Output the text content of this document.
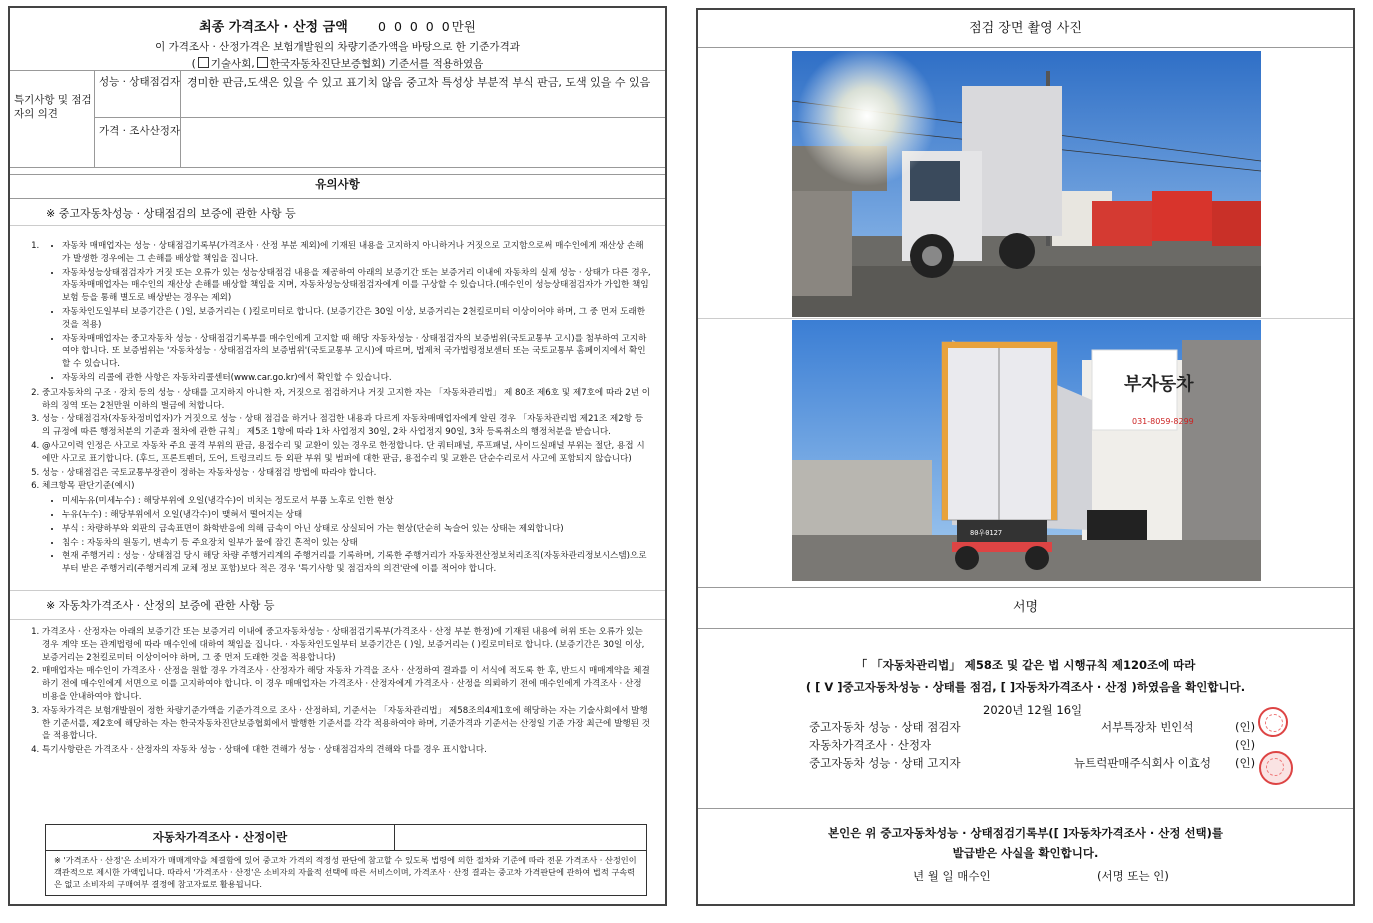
최종 가격조사 · 산정 금액 0 0 0 0 0만원
이 가격조사 · 산정가격은 보험개발원의 차량기준가액을 바탕으로 한 기준가격과
( 기술사회, 한국자동차진단보증협회) 기준서를 적용하였음
특기사항 및 점검자의 의견
성능 · 상태점검자 경미한 판금,도색은 있을 수 있고 표기치 않음 중고차 특성상 부분적 부식 판금, 도색 있을 수 있음
가격 · 조사산정자
유의사항
※ 중고자동차성능 · 상태점검의 보증에 관한 사항 등
• 1. 자동차 매매업자는 성능 · 상태점검기록부(가격조사 · 산정 부분 제외)에 기재된 내용을 고지하지 아니하거나 거짓으로 고지함으로써 매수인에게 재산상 손해가 발생한 경우에는 그 손해를 배상할 책임을 집니다.
• 자동차성능상태점검자가 거짓 또는 오류가 있는 성능상태점검 내용을 제공하여 아래의 보증기간 또는 보증거리 이내에 자동차의 실제 성능 · 상태가 다른 경우, 자동차매매업자는 매수인의 재산상 손해를 배상할 책임을 지며, 자동차성능상태점검자에게 이를 구상할 수 있습니다.(매수인이 성능상태점검자가 가입한 책임보험 등을 통해 별도로 배상받는 경우는 제외)
• 자동차인도일부터 보증기간은 ( )일, 보증거리는 ( )킬로미터로 합니다. (보증기간은 30일 이상, 보증거리는 2천킬로미터 이상이어야 하며, 그 중 먼저 도래한 것을 적용)
• 자동차매매업자는 중고자동차 성능 · 상태점검기록부를 매수인에게 고지할 때 해당 자동차성능 · 상태점검자의 보증범위(국토교통부 고시)를 첨부하여 고지하여야 합니다. 또 보증범위는 '자동차성능 · 상태점검자의 보증범위'(국토교통부 고시)에 따르며, 법제처 국가법령정보센터 또는 국토교통부 홈페이지에서 확인할 수 있습니다.
• 자동차의 리콜에 관한 사항은 자동차리콜센터(www.car.go.kr)에서 확인할 수 있습니다.
2. 중고자동차의 구조 · 장치 등의 성능 · 상태를 고지하지 아니한 자, 거짓으로 점검하거나 거짓 고지한 자는 「자동차관리법」 제 80조 제6호 및 제7호에 따라 2년 이하의 징역 또는 2천만원 이하의 벌금에 처합니다.
3. 성능 · 상태점검자(자동차정비업자)가 거짓으로 성능 · 상태 점검을 하거나 점검한 내용과 다르게 자동차매매업자에게 알린 경우 「자동차관리법 제21조 제2항 등의 규정에 따른 행정처분의 기준과 절차에 관한 규칙」 제5조 1항에 따라 1차 사업정지 30일, 2차 사업정지 90일, 3차 등록취소의 행정처분을 받습니다.
4. @사고이력 인정은 사고로 자동차 주요 골격 부위의 판금, 용접수리 및 교환이 있는 경우로 한정합니다. 단 쿼터패널, 루프패널, 사이드실패널 부위는 절단, 용접 시에만 사고로 표기합니다. (후드, 프론트펜더, 도어, 트렁크리드 등 외판 부위 및 범퍼에 대한 판금, 용접수리 및 교환은 단순수리로서 사고에 포함되지 않습니다)
5. 성능 · 상태점검은 국토교통부장관이 정하는 자동차성능 · 상태점검 방법에 따라야 합니다.
6. 체크항목 판단기준(예시)
• 미세누유(미세누수) : 해당부위에 오일(냉각수)이 비치는 정도로서 부품 노후로 인한 현상
• 누유(누수) : 해당부위에서 오일(냉각수)이 맺혀서 떨어지는 상태
• 부식 : 차량하부와 외판의 금속표면이 화학반응에 의해 금속이 아닌 상태로 상실되어 가는 현상(단순히 녹슬어 있는 상태는 제외합니다)
• 침수 : 자동차의 원동기, 변속기 등 주요장치 일부가 물에 잠긴 흔적이 있는 상태
• 현재 주행거리 : 성능 · 상태점검 당시 해당 차량 주행거리계의 주행거리를 기록하며, 기록한 주행거리가 자동차전산정보처리조직(자동차관리정보시스템)으로부터 받은 주행거리(주행거리계 교체 정보 포함)보다 적은 경우 '특기사항 및 점검자의 의견'란에 이를 적어야 합니다.
※ 자동차가격조사 · 산정의 보증에 관한 사항 등
1. 가격조사 · 산정자는 아래의 보증기간 또는 보증거리 이내에 중고자동차성능 · 상태점검기록부(가격조사 · 산정 부분 한정)에 기재된 내용에 허위 또는 오류가 있는 경우 계약 또는 관계법령에 따라 매수인에 대하여 책임을 집니다. · 자동차인도일부터 보증기간은 ( )일, 보증거리는 ( )킬로미터로 합니다. (보증기간은 30일 이상, 보증거리는 2천킬로미터 이상이어야 하며, 그 중 먼저 도래한 것을 적용합니다)
2. 매매업자는 매수인이 가격조사 · 산정을 원할 경우 가격조사 · 산정자가 해당 자동차 가격을 조사 · 산정하여 결과를 이 서식에 적도록 한 후, 반드시 매매계약을 체결하기 전에 매수인에게 서면으로 이를 고지하여야 합니다. 이 경우 매매업자는 가격조사 · 산정자에게 가격조사 · 산정을 의뢰하기 전에 매수인에게 가격조사 · 산정 비용을 안내하여야 합니다.
3. 자동차가격은 보험개발원이 정한 차량기준가액을 기준가격으로 조사 · 산정하되, 기준서는 「자동차관리법」 제58조의4제1호에 해당하는 자는 기술사회에서 발행한 기준서를, 제2호에 해당하는 자는 한국자동차진단보증협회에서 발행한 기준서를 각각 적용하여야 하며, 기준가격과 기준서는 산정일 기준 가장 최근에 발행된 것을 적용합니다.
4. 특기사항란은 가격조사 · 산정자의 자동차 성능 · 상태에 대한 견해가 성능 · 상태점검자의 견해와 다를 경우 표시합니다.
자동차가격조사 · 산정이란
※ '가격조사 · 산정'은 소비자가 매매계약을 체결함에 있어 중고차 가격의 적정성 판단에 참고할 수 있도록 법령에 의한 절차와 기준에 따라 전문 가격조사 · 산정인이 객관적으로 제시한 가액입니다. 따라서 '가격조사 · 산정'은 소비자의 자율적 선택에 따른 서비스이며, 가격조사 · 산정 결과는 중고차 가격판단에 관하여 법적 구속력은 없고 소비자의 구매여부 결정에 참고자료로 활용됩니다.
점검 장면 촬영 사진
부자동차
031-8059-8299
80우0127
서명
「 「자동차관리법」 제58조 및 같은 법 시행규칙 제120조에 따라
( [ V ]중고자동차성능 · 상태를 점검, [ ]자동차가격조사 · 산정 )하였음을 확인합니다.
2020년 12월 16일
중고자동차 성능 · 상태 점검자	서부특장차 빈인석	(인)
자동차가격조사 · 산정자	(인)
중고자동차 성능 · 상태 고지자	뉴트럭판매주식회사 이효성 (인)
본인은 위 중고자동차성능 · 상태점검기록부([ ]자동차가격조사 · 산정 선택)를
발급받은 사실을 확인합니다.
년 월 일 매수인	(서명 또는 인)
